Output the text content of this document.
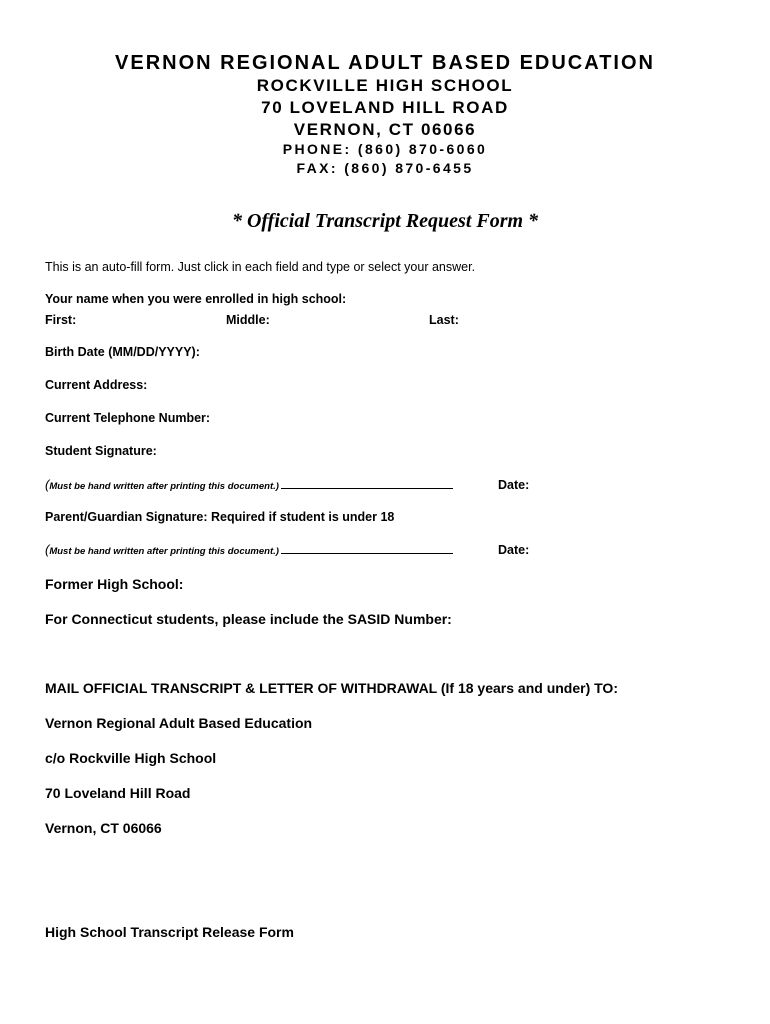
VERNON REGIONAL ADULT BASED EDUCATION
ROCKVILLE HIGH SCHOOL
70 LOVELAND HILL ROAD
VERNON, CT 06066
PHONE: (860) 870-6060
FAX: (860) 870-6455
* Official Transcript Request Form *
This is an auto-fill form. Just click in each field and type or select your answer.
Your name when you were enrolled in high school:
First:	Middle:	Last:
Birth Date (MM/DD/YYYY):
Current Address:
Current Telephone Number:
Student Signature:
(Must be hand written after printing this document.)	Date:
Parent/Guardian Signature: Required if student is under 18
(Must be hand written after printing this document.)	Date:
Former High School:
For Connecticut students, please include the SASID Number:
MAIL OFFICIAL TRANSCRIPT & LETTER OF WITHDRAWAL (If 18 years and under) TO:
Vernon Regional Adult Based Education
c/o Rockville High School
70 Loveland Hill Road
Vernon, CT 06066
High School Transcript Release Form
